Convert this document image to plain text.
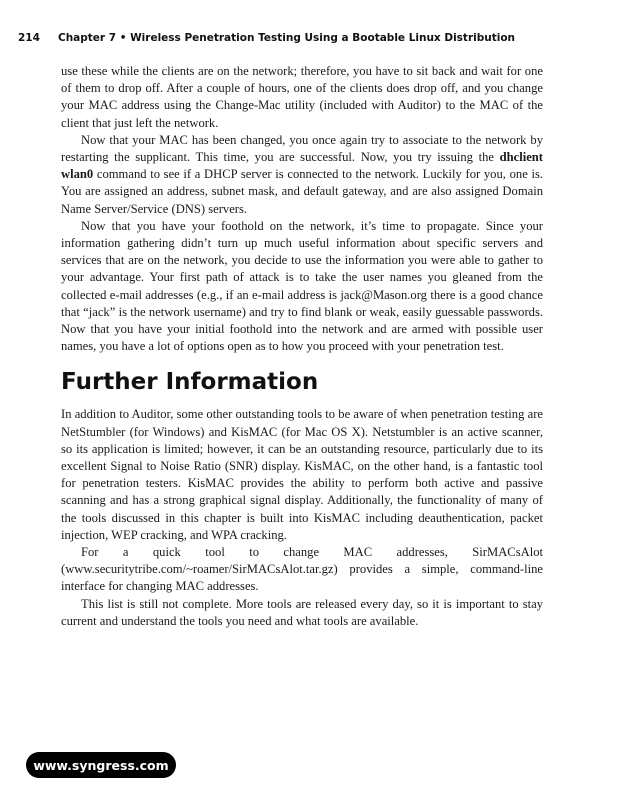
214 Chapter 7 • Wireless Penetration Testing Using a Bootable Linux Distribution

use these while the clients are on the network; therefore, you have to sit back and wait for one of them to drop off. After a couple of hours, one of the clients does drop off, and you change your MAC address using the Change-Mac utility (included with Auditor) to the MAC of the client that just left the network.

Now that your MAC has been changed, you once again try to associate to the network by restarting the supplicant. This time, you are successful. Now, you try issuing the dhclient wlan0 command to see if a DHCP server is connected to the network. Luckily for you, one is. You are assigned an address, subnet mask, and default gateway, and are also assigned Domain Name Server/Service (DNS) servers.

Now that you have your foothold on the network, it’s time to propagate. Since your information gathering didn’t turn up much useful information about specific servers and services that are on the network, you decide to use the information you were able to gather to your advantage. Your first path of attack is to take the user names you gleaned from the collected e-mail addresses (e.g., if an e-mail address is jack@Mason.org there is a good chance that “jack” is the network username) and try to find blank or weak, easily guessable passwords. Now that you have your initial foothold into the network and are armed with possible user names, you have a lot of options open as to how you proceed with your penetration test.

Further Information

In addition to Auditor, some other outstanding tools to be aware of when penetration testing are NetStumbler (for Windows) and KisMAC (for Mac OS X). Netstumbler is an active scanner, so its application is limited; however, it can be an outstanding resource, particularly due to its excellent Signal to Noise Ratio (SNR) display. KisMAC, on the other hand, is a fantastic tool for penetration testers. KisMAC provides the ability to perform both active and passive scanning and has a strong graphical signal display. Additionally, the functionality of many of the tools discussed in this chapter is built into KisMAC including deauthentication, packet injection, WEP cracking, and WPA cracking.

For a quick tool to change MAC addresses, SirMACsAlot (www.securitytribe.com/~roamer/SirMACsAlot.tar.gz) provides a simple, command-line interface for changing MAC addresses.

This list is still not complete. More tools are released every day, so it is important to stay current and understand the tools you need and what tools are available.

www.syngress.com
